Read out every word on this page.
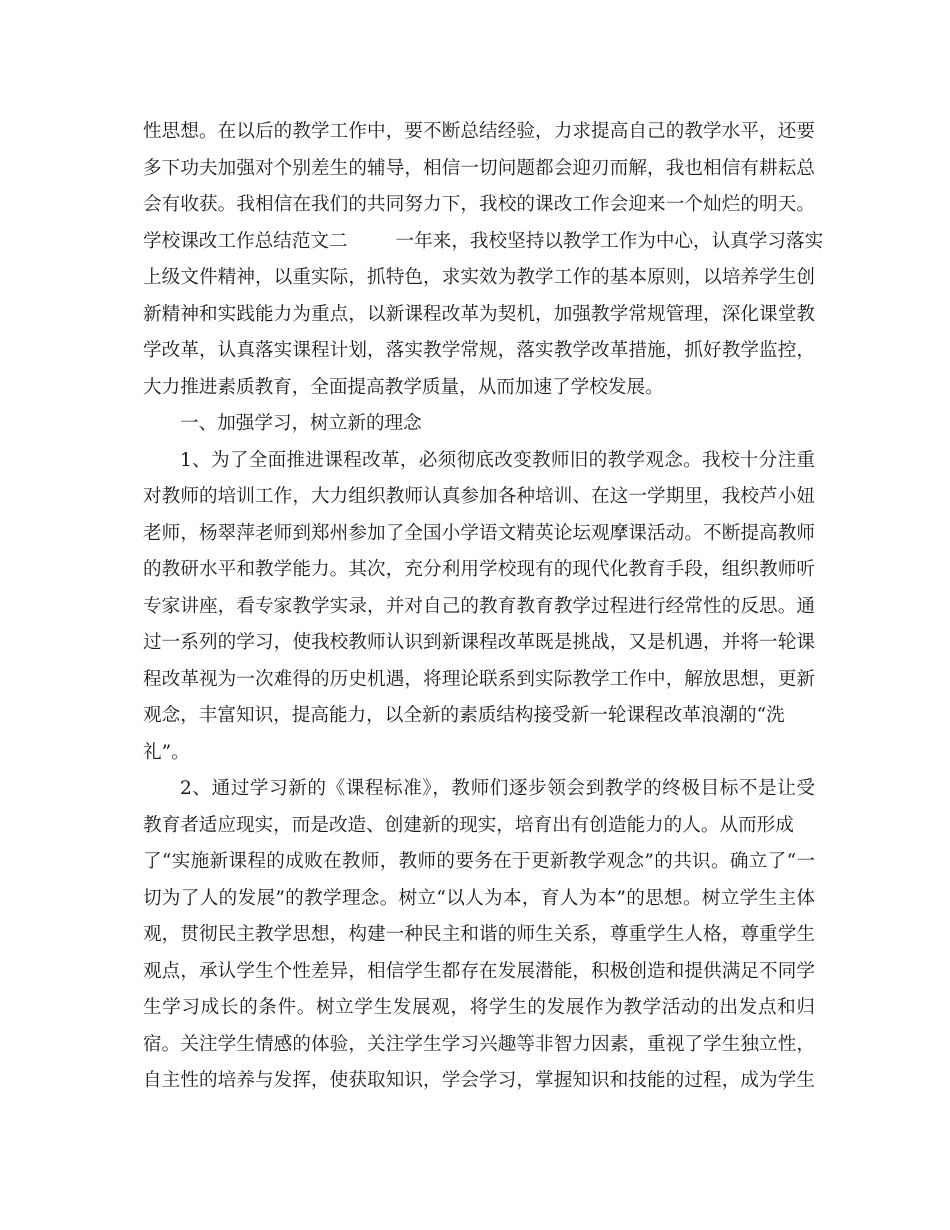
性思想。在以后的教学工作中，要不断总结经验，力求提高自己的教学水平，还要
多下功夫加强对个别差生的辅导，相信一切问题都会迎刃而解，我也相信有耕耘总
会有收获。我相信在我们的共同努力下，我校的课改工作会迎来一个灿烂的明天。
学校课改工作总结范文二	一年来，我校坚持以教学工作为中心，认真学习落实
上级文件精神，以重实际，抓特色，求实效为教学工作的基本原则，以培养学生创
新精神和实践能力为重点，以新课程改革为契机，加强教学常规管理，深化课堂教
学改革，认真落实课程计划，落实教学常规，落实教学改革措施，抓好教学监控，
大力推进素质教育，全面提高教学质量，从而加速了学校发展。
一、加强学习，树立新的理念
1、为了全面推进课程改革，必须彻底改变教师旧的教学观念。我校十分注重
对教师的培训工作，大力组织教师认真参加各种培训、在这一学期里，我校芦小妞
老师，杨翠萍老师到郑州参加了全国小学语文精英论坛观摩课活动。不断提高教师
的教研水平和教学能力。其次，充分利用学校现有的现代化教育手段，组织教师听
专家讲座，看专家教学实录，并对自己的教育教育教学过程进行经常性的反思。通
过一系列的学习，使我校教师认识到新课程改革既是挑战，又是机遇，并将一轮课
程改革视为一次难得的历史机遇，将理论联系到实际教学工作中，解放思想，更新
观念，丰富知识，提高能力，以全新的素质结构接受新一轮课程改革浪潮的“洗
礼”。
2、通过学习新的《课程标准》，教师们逐步领会到教学的终极目标不是让受
教育者适应现实，而是改造、创建新的现实，培育出有创造能力的人。从而形成
了“实施新课程的成败在教师，教师的要务在于更新教学观念”的共识。确立了“一
切为了人的发展”的教学理念。树立“以人为本，育人为本”的思想。树立学生主体
观，贯彻民主教学思想，构建一种民主和谐的师生关系，尊重学生人格，尊重学生
观点，承认学生个性差异，相信学生都存在发展潜能，积极创造和提供满足不同学
生学习成长的条件。树立学生发展观，将学生的发展作为教学活动的出发点和归
宿。关注学生情感的体验，关注学生学习兴趣等非智力因素，重视了学生独立性，
自主性的培养与发挥，使获取知识，学会学习，掌握知识和技能的过程，成为学生
